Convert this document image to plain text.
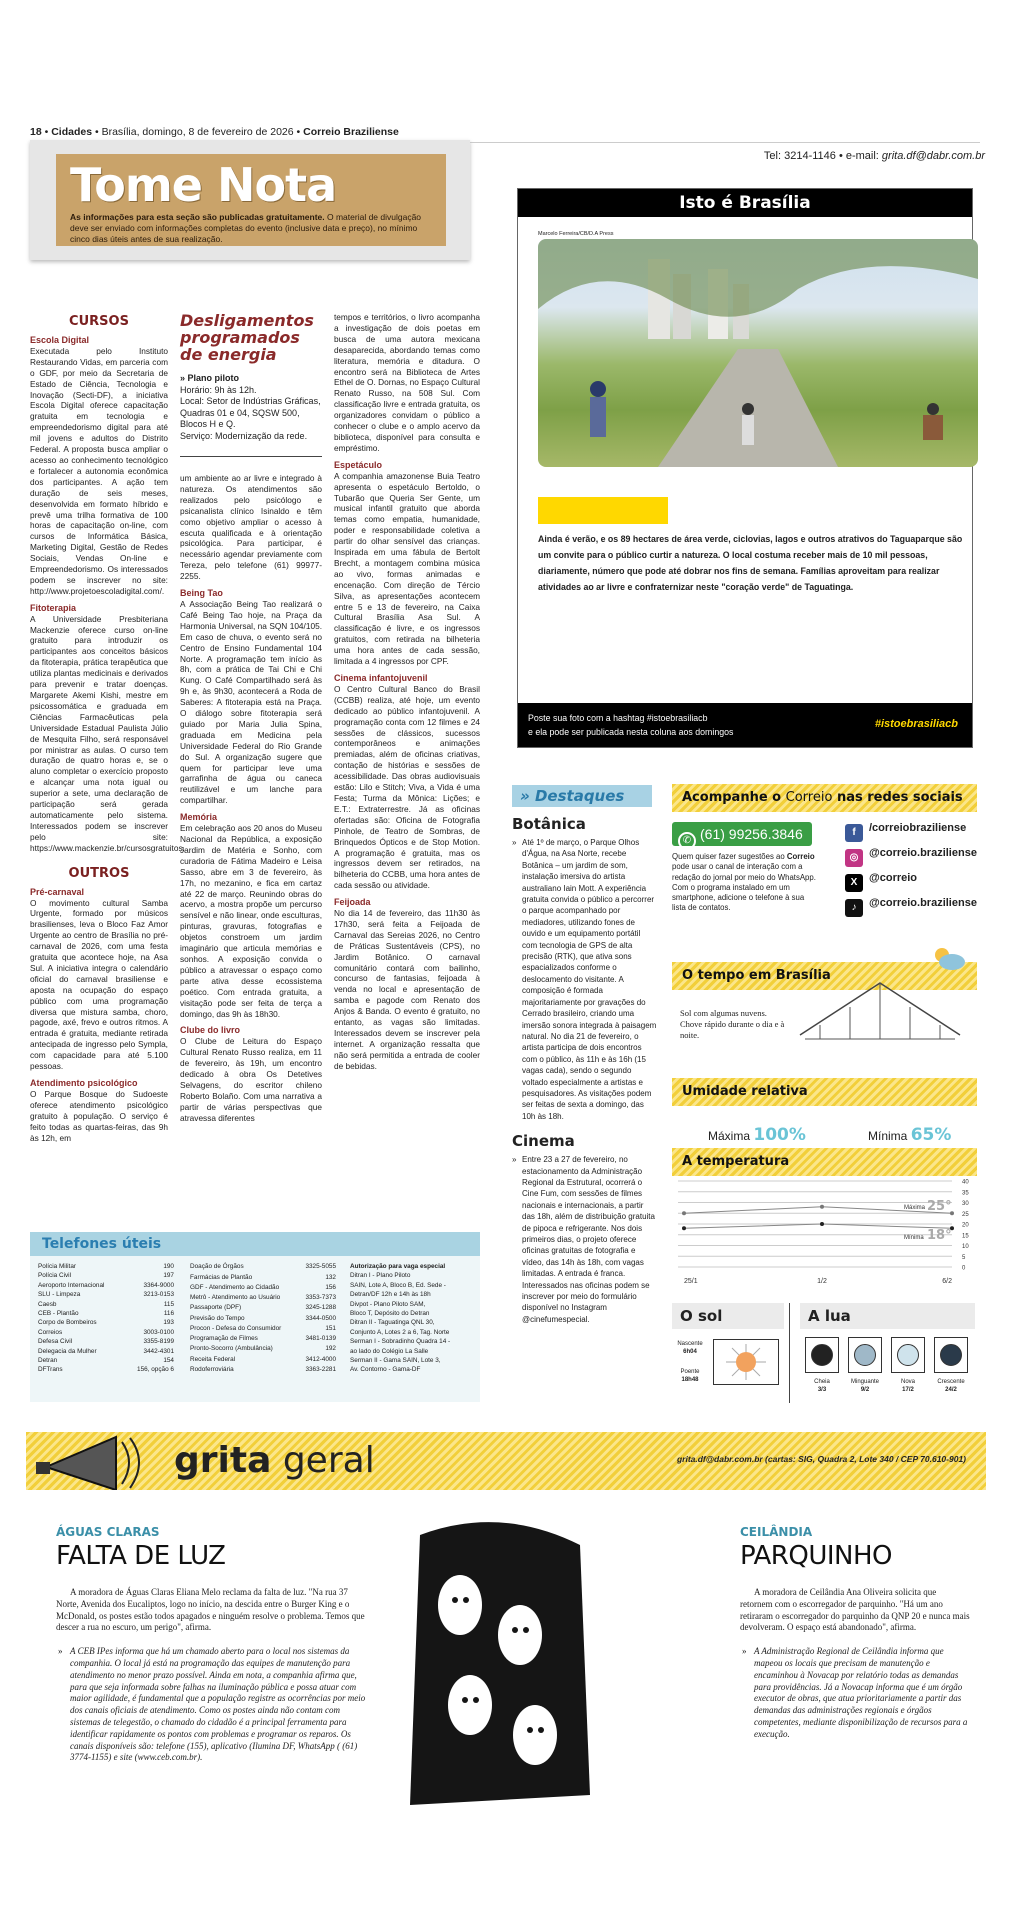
18 • Cidades • Brasília, domingo, 8 de fevereiro de 2026 • Correio Braziliense
Tome Nota

As informações para esta seção são publicadas gratuitamente. O material de divulgação deve ser enviado com informações completas do evento (inclusive data e preço), no mínimo cinco dias úteis antes de sua realização.

Tel: 3214-1146 • e-mail: grita.df@dabr.com.br
CURSOS
Escola Digital

Executada pelo Instituto Restaurando Vidas, em parceria com o GDF, por meio da Secretaria de Estado de Ciência, Tecnologia e Inovação (Secti-DF), a iniciativa Escola Digital oferece capacitação gratuita em tecnologia e empreendedorismo digital para até mil jovens e adultos do Distrito Federal. A proposta busca ampliar o acesso ao conhecimento tecnológico e fortalecer a autonomia econômica dos participantes. A ação tem duração de seis meses, desenvolvida em formato híbrido e prevê uma trilha formativa de 100 horas de capacitação on-line, com cursos de Informática Básica, Marketing Digital, Gestão de Redes Sociais, Vendas On-line e Empreendedorismo. Os interessados podem se inscrever no site: http://www.projetoescoladigital.com/.

Fitoterapia

A Universidade Presbiteriana Mackenzie oferece curso on-line gratuito para introduzir os participantes aos conceitos básicos da fitoterapia, prática terapêutica que utiliza plantas medicinais e derivados para prevenir e tratar doenças. Margarete Akemi Kishi, mestre em psicossomática e graduada em Ciências Farmacêuticas pela Universidade Estadual Paulista Júlio de Mesquita Filho, será responsável por ministrar as aulas. O curso tem duração de quatro horas e, se o aluno completar o exercício proposto e alcançar uma nota igual ou superior a sete, uma declaração de participação será gerada automaticamente pelo sistema. Interessados podem se inscrever pelo site: https://www.mackenzie.br/cursosgratuitos.

OUTROS
Pré-carnaval

O movimento cultural Samba Urgente, formado por músicos brasilienses, leva o Bloco Faz Amor Urgente ao centro de Brasília no pré-carnaval de 2026, com uma festa gratuita que acontece hoje, na Asa Sul. A iniciativa integra o calendário oficial do carnaval brasiliense e aposta na ocupação do espaço público com uma programação diversa que mistura samba, choro, pagode, axé, frevo e outros ritmos. A entrada é gratuita, mediante retirada antecipada de ingresso pelo Sympla, com capacidade para até 5.100 pessoas.

Atendimento psicológico

O Parque Bosque do Sudoeste oferece atendimento psicológico gratuito à população. O serviço é feito todas as quartas-feiras, das 9h às 12h, em

Desligamentos programados de energia
» Plano piloto
Horário: 9h às 12h.
Local: Setor de Indústrias Gráficas, Quadras 01 e 04, SQSW 500, Blocos H e Q.
Serviço: Modernização da rede.

um ambiente ao ar livre e integrado à natureza. Os atendimentos são realizados pelo psicólogo e psicanalista clínico Isinaldo e têm como objetivo ampliar o acesso à escuta qualificada e à orientação psicológica. Para participar, é necessário agendar previamente com Tereza, pelo telefone (61) 99977-2255.

Being Tao

A Associação Being Tao realizará o Café Being Tao hoje, na Praça da Harmonia Universal, na SQN 104/105. Em caso de chuva, o evento será no Centro de Ensino Fundamental 104 Norte. A programação tem início às 8h, com a prática de Tai Chi e Chi Kung. O Café Compartilhado será às 9h e, às 9h30, acontecerá a Roda de Saberes: A fitoterapia está na Praça. O diálogo sobre fitoterapia será guiado por Maria Julia Spina, graduada em Medicina pela Universidade Federal do Rio Grande do Sul. A organização sugere que quem for participar leve uma garrafinha de água ou caneca reutilizável e um lanche para compartilhar.

Memória

Em celebração aos 20 anos do Museu Nacional da República, a exposição Jardim de Matéria e Sonho, com curadoria de Fátima Madeiro e Leisa Sasso, abre em 3 de fevereiro, às 17h, no mezanino, e fica em cartaz até 22 de março. Reunindo obras do acervo, a mostra propõe um percurso sensível e não linear, onde esculturas, pinturas, gravuras, fotografias e objetos constroem um jardim imaginário que articula memórias e sonhos. A exposição convida o público a atravessar o espaço como parte ativa desse ecossistema poético. Com entrada gratuita, a visitação pode ser feita de terça a domingo, das 9h às 18h30.

Clube do livro

O Clube de Leitura do Espaço Cultural Renato Russo realiza, em 11 de fevereiro, às 19h, um encontro dedicado à obra Os Detetives Selvagens, do escritor chileno Roberto Bolaño. Com uma narrativa a partir de várias perspectivas que atravessa diferentes

tempos e territórios, o livro acompanha a investigação de dois poetas em busca de uma autora mexicana desaparecida, abordando temas como literatura, memória e ditadura. O encontro será na Biblioteca de Artes Ethel de O. Dornas, no Espaço Cultural Renato Russo, na 508 Sul. Com classificação livre e entrada gratuita, os organizadores convidam o público a conhecer o clube e o amplo acervo da biblioteca, disponível para consulta e empréstimo.

Espetáculo

A companhia amazonense Buia Teatro apresenta o espetáculo Bertoldo, o Tubarão que Queria Ser Gente, um musical infantil gratuito que aborda temas como empatia, humanidade, poder e responsabilidade coletiva a partir do olhar sensível das crianças. Inspirada em uma fábula de Bertolt Brecht, a montagem combina música ao vivo, formas animadas e encenação. Com direção de Tércio Silva, as apresentações acontecem entre 5 e 13 de fevereiro, na Caixa Cultural Brasília Asa Sul. A classificação é livre, e os ingressos gratuitos, com retirada na bilheteria uma hora antes de cada sessão, limitada a 4 ingressos por CPF.

Cinema infantojuvenil

O Centro Cultural Banco do Brasil (CCBB) realiza, até hoje, um evento dedicado ao público infantojuvenil. A programação conta com 12 filmes e 24 sessões de clássicos, sucessos contemporâneos e animações premiadas, além de oficinas criativas, contação de histórias e sessões de acessibilidade. Das obras audiovisuais estão: Lilo e Stitch; Viva, a Vida é uma Festa; Turma da Mônica: Lições; e E.T.: Extraterrestre. Já as oficinas ofertadas são: Oficina de Fotografia Pinhole, de Teatro de Sombras, de Brinquedos Ópticos e de Stop Motion. A programação é gratuita, mas os ingressos devem ser retirados, na bilheteria do CCBB, uma hora antes de cada sessão ou atividade.

Feijoada

No dia 14 de fevereiro, das 11h30 às 17h30, será feita a Feijoada de Carnaval das Sereias 2026, no Centro de Práticas Sustentáveis (CPS), no Jardim Botânico. O carnaval comunitário contará com bailinho, concurso de fantasias, feijoada à venda no local e apresentação de samba e pagode com Renato dos Anjos & Banda. O evento é gratuito, no entanto, as vagas são limitadas. Interessados devem se inscrever pela internet. A organização ressalta que não será permitida a entrada de cooler de bebidas.

Isto é Brasília
Marcelo Ferreira/CB/D.A Press
Ainda é verão, e os 89 hectares de área verde, ciclovias, lagos e outros atrativos do Taguaparque são um convite para o público curtir a natureza. O local costuma receber mais de 10 mil pessoas, diariamente, número que pode até dobrar nos fins de semana. Famílias aproveitam para realizar atividades ao ar livre e confraternizar neste "coração verde" de Taguatinga.
Poste sua foto com a hashtag #istoebrasiliacb
e ela pode ser publicada nesta coluna aos domingos
#istoebrasiliacb
» Destaques
Botânica
» Até 1º de março, o Parque Olhos d'Água, na Asa Norte, recebe Botânica – um jardim de som, instalação imersiva do artista australiano Iain Mott. A experiência gratuita convida o público a percorrer o parque acompanhado por mediadores, utilizando fones de ouvido e um equipamento portátil com tecnologia de GPS de alta precisão (RTK), que ativa sons espacializados conforme o deslocamento do visitante. A composição é formada majoritariamente por gravações do Cerrado brasileiro, criando uma imersão sonora integrada à paisagem natural. No dia 21 de fevereiro, o artista participa de dois encontros com o público, às 11h e às 16h (15 vagas cada), sendo o segundo voltado especialmente a artistas e pesquisadores. As visitações podem ser feitas de sexta a domingo, das 10h às 18h.
Cinema
» Entre 23 a 27 de fevereiro, no estacionamento da Administração Regional da Estrutural, ocorrerá o Cine Fum, com sessões de filmes nacionais e internacionais, a partir das 18h, além de distribuição gratuita de pipoca e refrigerante. Nos dois primeiros dias, o projeto oferece oficinas gratuitas de fotografia e vídeo, das 14h às 18h, com vagas limitadas. A entrada é franca. Interessados nas oficinas podem se inscrever por meio do formulário disponível no Instagram @cinefumespecial.
Acompanhe o Correio nas redes sociais
✆ (61) 99256.3846
Quem quiser fazer sugestões ao Correio pode usar o canal de interação com a redação do jornal por meio do WhatsApp. Com o programa instalado em um smartphone, adicione o telefone à sua lista de contatos.
f /correiobraziliense
◎ @correio.braziliense
X @correio
♪ @correio.braziliense
O tempo em Brasília
Sol com algumas nuvens. Chove rápido durante o dia e à noite.
Umidade relativa
Máxima 100%	Mínima 65%
A temperatura
0
5
10
15
20
25
30
35
40
25/1	1/2	6/2
Máxima 25°
Mínima 18°
O sol
Nascente
6h04
Poente
18h48
A lua
Cheia
3/3
Minguante
9/2
Nova
17/2
Crescente
24/2
Telefones úteis
Polícia Militar	190
Polícia Civil	197
Aeroporto Internacional	3364-9000
SLU - Limpeza	3213-0153
Caesb	115
CEB - Plantão	116
Corpo de Bombeiros	193
Correios	3003-0100
Defesa Civil	3355-8199
Delegacia da Mulher	3442-4301
Detran	154
DFTrans	156, opção 6
Doação de Órgãos	3325-5055
Farmácias de Plantão	132
GDF - Atendimento ao Cidadão	156
Metrô - Atendimento ao Usuário	3353-7373
Passaporte (DPF)	3245-1288
Previsão do Tempo	3344-0500
Procon - Defesa do Consumidor	151
Programação de Filmes	3481-0139
Pronto-Socorro (Ambulância)	192
Receita Federal	3412-4000
Rodoferroviária	3363-2281
Autorização para vaga especial
Ditran I - Plano Piloto
SAIN, Lote A, Bloco B, Ed. Sede -
Detran/DF 12h e 14h às 18h
Divpot - Plano Piloto SAM,
Bloco T, Depósito do Detran
Ditran II - Taguatinga QNL 30,
Conjunto A, Lotes 2 a 6, Tag. Norte
Serman I - Sobradinho Quadra 14 -
ao lado do Colégio La Salle
Serman II - Gama SAIN, Lote 3,
Av. Contorno - Gama-DF
grita geral	grita.df@dabr.com.br (cartas: SIG, Quadra 2, Lote 340 / CEP 70.610-901)
ÁGUAS CLARAS
FALTA DE LUZ
A moradora de Águas Claras Eliana Melo reclama da falta de luz. "Na rua 37 Norte, Avenida dos Eucaliptos, logo no início, na descida entre o Burger King e o McDonald, os postes estão todos apagados e ninguém resolve o problema. Temos que descer a rua no escuro, um perigo", afirma.
» A CEB IPes informa que há um chamado aberto para o local nos sistemas da companhia. O local já está na programação das equipes de manutenção para atendimento no menor prazo possível. Ainda em nota, a companhia afirma que, para que seja informada sobre falhas na iluminação pública e possa atuar com maior agilidade, é fundamental que a população registre as ocorrências por meio dos canais oficiais de atendimento. Como os postes ainda não contam com sistemas de telegestão, o chamado do cidadão é a principal ferramenta para identificar rapidamente os pontos com problemas e programar os reparos. Os canais disponíveis são: telefone (155), aplicativo (Ilumina DF, WhatsApp ( (61) 3774-1155) e site (www.ceb.com.br).
CEILÂNDIA
PARQUINHO
A moradora de Ceilândia Ana Oliveira solicita que retornem com o escorregador de parquinho. "Há um ano retiraram o escorregador do parquinho da QNP 20 e nunca mais devolveram. O espaço está abandonado", afirma.
» A Administração Regional de Ceilândia informa que mapeou os locais que precisam de manutenção e encaminhou à Novacap por relatório todas as demandas para providências. Já a Novacap informa que é um órgão executor de obras, que atua prioritariamente a partir das demandas das administrações regionais e órgãos competentes, mediante disponibilização de recursos para a execução.
